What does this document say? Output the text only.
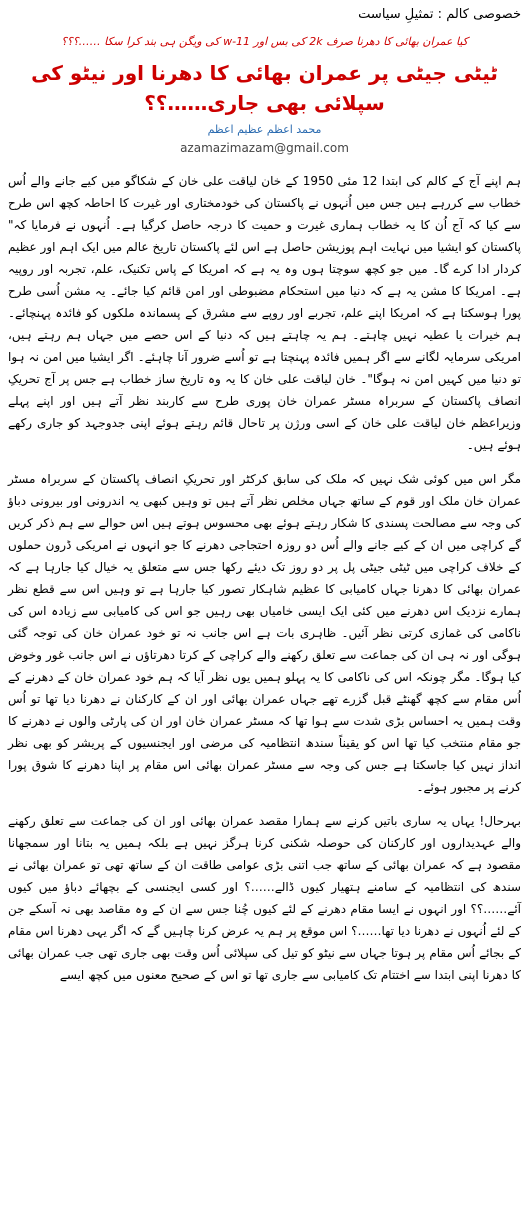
خصوصی کالم : تمثیلِ سیاست
کیا عمران بھائی کا دھرنا صرف 2k کی بس اور w-11 کی ویگن ہی بند کرا سکا ……؟؟؟
ٹیٹی جیٹی پر عمران بھائی کا دھرنا اور نیٹو کی سپلائی بھی جاری……؟؟
محمد اعظم عظیم اعظم
azamazimazam@gmail.com

ہم اپنے آج کے کالم کی ابتدا 12 مئی 1950 کے خان لیاقت علی خان کے شکاگو میں کیے جانے والے اُس خطاب سے کررہے ہیں جس میں اُنہوں نے پاکستان کی خودمختاری اور غیرت کا احاطہ کچھ اس طرح سے کیا کہ آج اُن کا یہ خطاب ہماری غیرت و حمیت کا درجہ حاصل کرگیا ہے۔ اُنہوں نے فرمایا کہ" پاکستان کو ایشیا میں نہایت اہم پوزیشن حاصل ہے اس لئے پاکستان تاریخ عالم میں ایک اہم اور عظیم کردار ادا کرے گا۔ میں جو کچھ سوچتا ہوں وہ یہ ہے کہ امریکا کے پاس تکنیک، علم، تجربہ اور روپیہ ہے۔ امریکا کا مشن یہ ہے کہ دنیا میں استحکام مضبوطی اور امن قائم کیا جائے۔ یہ مشن اُسی طرح پورا ہوسکتا ہے کہ امریکا اپنے علم، تجربے اور روپے سے مشرق کے پسماندہ ملکوں کو فائدہ پہنچائے۔ ہم خیرات یا عطیہ نہیں چاہتے۔ ہم یہ چاہتے ہیں کہ دنیا کے اس حصے میں جہاں ہم رہتے ہیں، امریکی سرمایہ لگانے سے اگر ہمیں فائدہ پہنچتا ہے تو اُسے ضرور آنا چاہئے۔ اگر ایشیا میں امن نہ ہوا تو دنیا میں کہیں امن نہ ہوگا"۔ خان لیاقت علی خان کا یہ وہ تاریخ ساز خطاب ہے جس پر آج تحریکِ انصاف پاکستان کے سربراہ مسٹر عمران خان پوری طرح سے کاربند نظر آتے ہیں اور اپنے پہلے وزیراعظم خان لیاقت علی خان کے اسی ورژن پر تاحال قائم رہتے ہوئے اپنی جدوجہد کو جاری رکھے ہوئے ہیں۔

مگر اس میں کوئی شک نہیں کہ ملک کی سابق کرکٹر اور تحریکِ انصاف پاکستان کے سربراہ مسٹر عمران خان ملک اور قوم کے ساتھ جہاں مخلص نظر آتے ہیں تو وہیں کبھی یہ اندرونی اور بیرونی دباؤ کی وجہ سے مصالحت پسندی کا شکار رہتے ہوئے بھی محسوس ہوتے ہیں اس حوالے سے ہم ذکر کریں گے کراچی میں ان کے کیے جانے والے اُس دو روزہ احتجاجی دھرنے کا جو انہوں نے امریکی ڈرون حملوں کے خلاف کراچی میں ٹیٹی جیٹی پل پر دو روز تک دیئے رکھا جس سے متعلق یہ خیال کیا جارہا ہے کہ عمران بھائی کا دھرنا جہاں کامیابی کا عظیم شاہکار تصور کیا جارہا ہے تو وہیں اس سے قطع نظر ہمارے نزدیک اس دھرنے میں کئی ایک ایسی خامیاں بھی رہیں جو اس کی کامیابی سے زیادہ اس کی ناکامی کی غمازی کرتی نظر آئیں۔ ظاہری بات ہے اس جانب نہ تو خود عمران خان کی توجہ گئی ہوگی اور نہ ہی ان کی جماعت سے تعلق رکھنے والے کراچی کے کرتا دھرتاؤں نے اس جانب غور وخوض کیا ہوگا۔ مگر چونکہ اس کی ناکامی کا یہ پہلو ہمیں یوں نظر آیا کہ ہم خود عمران خان کے دھرنے کے اُس مقام سے کچھ گھنٹے قبل گزرے تھے جہاں عمران بھائی اور ان کے کارکنان نے دھرنا دیا تھا تو اُس وقت ہمیں یہ احساس بڑی شدت سے ہوا تھا کہ مسٹر عمران خان اور ان کی پارٹی والوں نے دھرنے کا جو مقام منتخب کیا تھا اس کو یقیناً سندھ انتظامیہ کی مرضی اور ایجنسیوں کے پریشر کو بھی نظر انداز نہیں کیا جاسکتا ہے جس کی وجہ سے مسٹر عمران بھائی اس مقام پر اپنا دھرنے کا شوق پورا کرنے پر مجبور ہوئے۔

بہرحال! یہاں یہ ساری باتیں کرنے سے ہمارا مقصد عمران بھائی اور ان کی جماعت سے تعلق رکھنے والے عہدیداروں اور کارکنان کی حوصلہ شکنی کرنا ہرگز نہیں ہے بلکہ ہمیں یہ بتانا اور سمجھانا مقصود ہے کہ عمران بھائی کے ساتھ جب اتنی بڑی عوامی طاقت ان کے ساتھ تھی تو عمران بھائی نے سندھ کی انتظامیہ کے سامنے ہتھیار کیوں ڈالے……؟ اور کسی ایجنسی کے بچھائے دباؤ میں کیوں آئے……؟؟ اور انہوں نے ایسا مقام دھرنے کے لئے کیوں چُنا جس سے ان کے وہ مقاصد بھی نہ آسکے جن کے لئے اُنہوں نے دھرنا دیا تھا……؟ اس موقع پر ہم یہ عرض کرنا چاہیں گے کہ اگر یہی دھرنا اس مقام کے بجائے اُس مقام پر ہوتا جہاں سے نیٹو کو تیل کی سپلائی اُس وقت بھی جاری تھی جب عمران بھائی کا دھرنا اپنی ابتدا سے اختتام تک کامیابی سے جاری تھا تو اس کے صحیح معنوں میں کچھ ایسے
